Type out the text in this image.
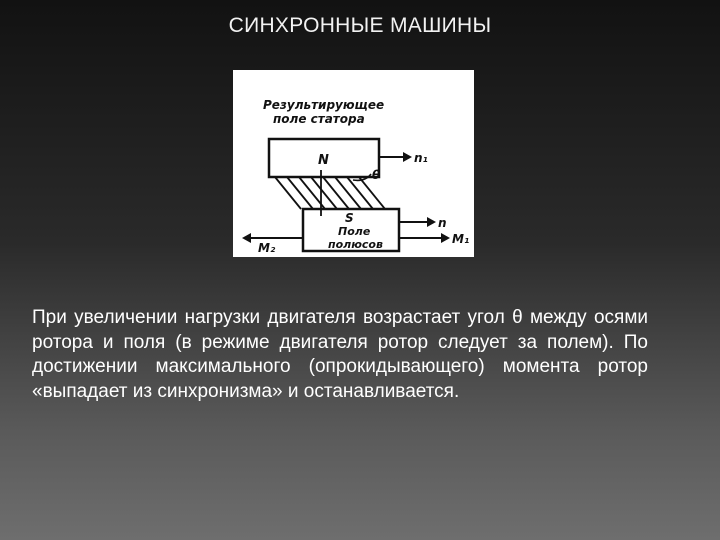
СИНХРОННЫЕ МАШИНЫ
Результирующее
поле статора
N	n₁
θ
S
Поле
полюсов
n
M₂
M₁

При увеличении нагрузки двигателя возрастает угол θ между осями ротора и поля (в режиме двигателя ротор следует за полем). По достижении максимального (опрокидывающего) момента ротор «выпадает из синхронизма» и останавливается.
